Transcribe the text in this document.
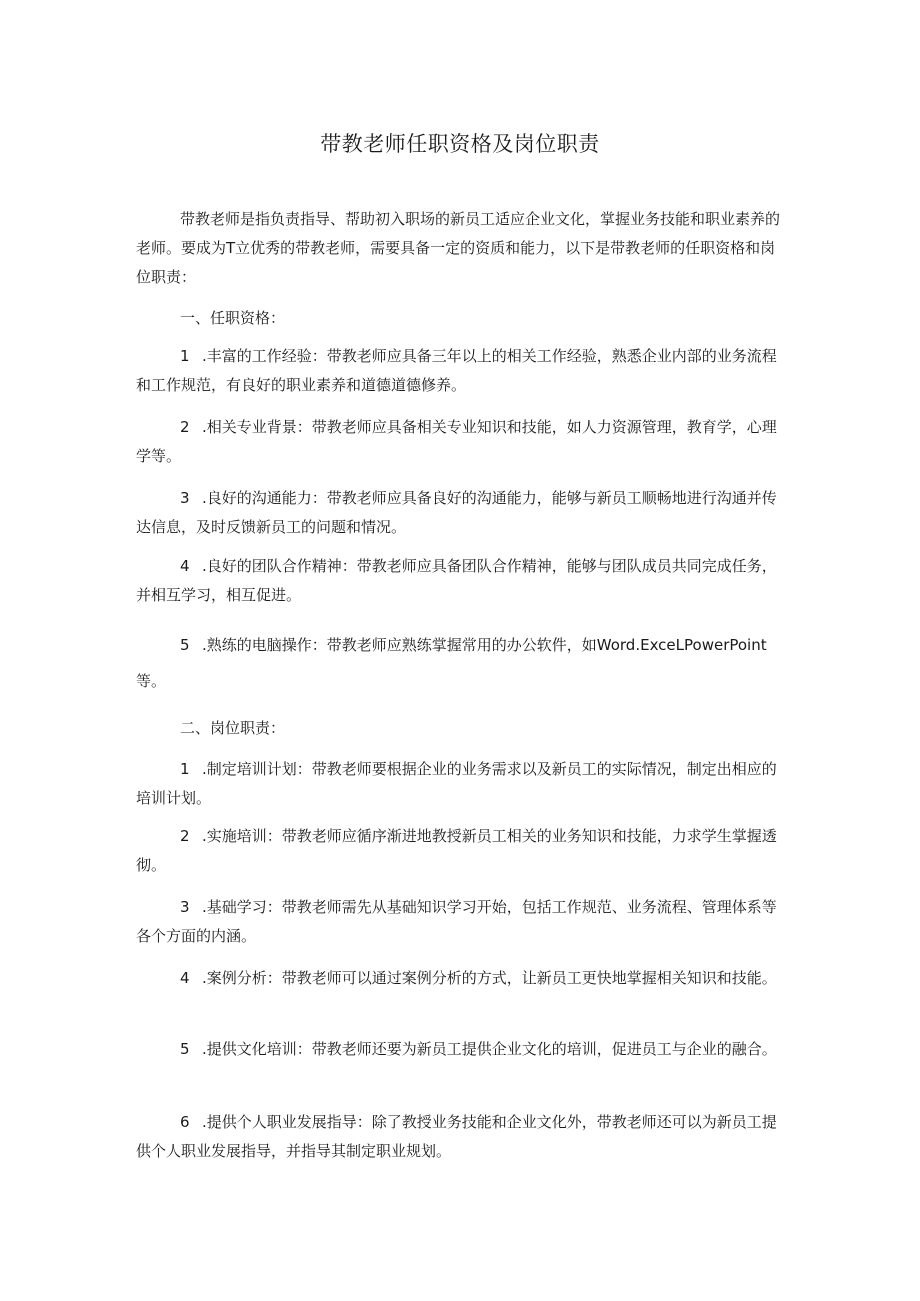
带教老师任职资格及岗位职责
带教老师是指负责指导、帮助初入职场的新员工适应企业文化，掌握业务技能和职业素养的老师。要成为T立优秀的带教老师，需要具备一定的资质和能力，以下是带教老师的任职资格和岗位职责：
一、任职资格：
1 .丰富的工作经验：带教老师应具备三年以上的相关工作经验，熟悉企业内部的业务流程和工作规范，有良好的职业素养和道德道德修养。
2 .相关专业背景：带教老师应具备相关专业知识和技能，如人力资源管理，教育学，心理学等。
3 .良好的沟通能力：带教老师应具备良好的沟通能力，能够与新员工顺畅地进行沟通并传达信息，及时反馈新员工的问题和情况。
4 .良好的团队合作精神：带教老师应具备团队合作精神，能够与团队成员共同完成任务，并相互学习，相互促进。
5 .熟练的电脑操作：带教老师应熟练掌握常用的办公软件，如Word.ExceLPowerPoint等。
二、岗位职责：
1 .制定培训计划：带教老师要根据企业的业务需求以及新员工的实际情况，制定出相应的培训计划。
2 .实施培训：带教老师应循序渐进地教授新员工相关的业务知识和技能，力求学生掌握透彻。
3 .基础学习：带教老师需先从基础知识学习开始，包括工作规范、业务流程、管理体系等各个方面的内涵。
4 .案例分析：带教老师可以通过案例分析的方式，让新员工更快地掌握相关知识和技能。
5 .提供文化培训：带教老师还要为新员工提供企业文化的培训，促进员工与企业的融合。
6 .提供个人职业发展指导：除了教授业务技能和企业文化外，带教老师还可以为新员工提供个人职业发展指导，并指导其制定职业规划。
